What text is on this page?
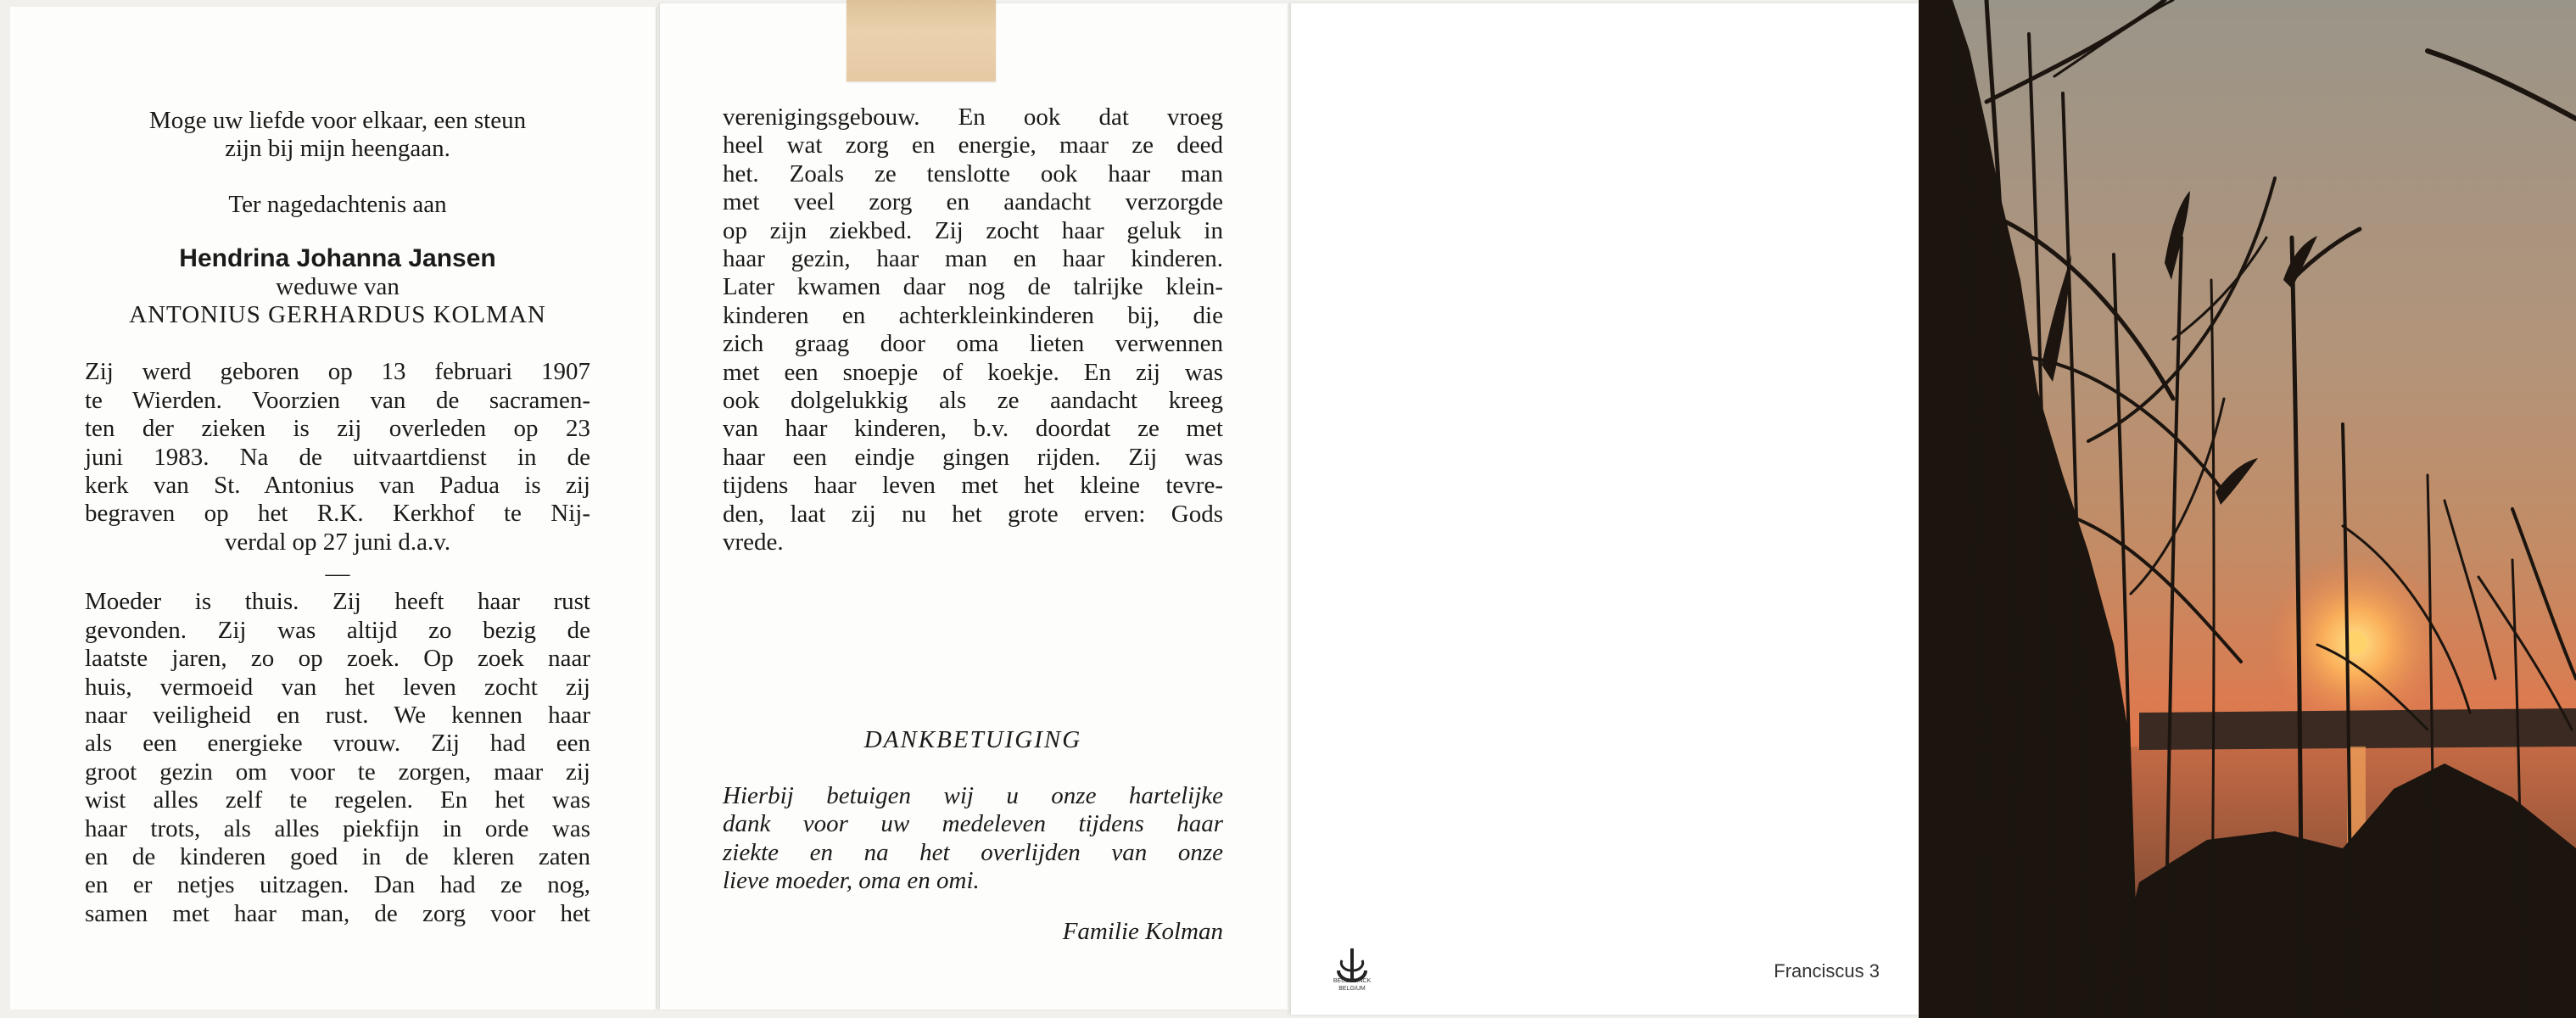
Moge uw liefde voor elkaar, een steun
zijn bij mijn heengaan.
Ter nagedachtenis aan
Hendrina Johanna Jansen
weduwe van
ANTONIUS GERHARDUS KOLMAN

Zij werd geboren op 13 februari 1907

te Wierden. Voorzien van de sacramen-

ten der zieken is zij overleden op 23

juni 1983. Na de uitvaartdienst in de

kerk van St. Antonius van Padua is zij

begraven op het R.K. Kerkhof te Nij-

verdal op 27 juni d.a.v.

—

Moeder is thuis. Zij heeft haar rust

gevonden. Zij was altijd zo bezig de

laatste jaren, zo op zoek. Op zoek naar

huis, vermoeid van het leven zocht zij

naar veiligheid en rust. We kennen haar

als een energieke vrouw. Zij had een

groot gezin om voor te zorgen, maar zij

wist alles zelf te regelen. En het was

haar trots, als alles piekfijn in orde was

en de kinderen goed in de kleren zaten

en er netjes uitzagen. Dan had ze nog,

samen met haar man, de zorg voor het

verenigingsgebouw. En ook dat vroeg

heel wat zorg en energie, maar ze deed

het. Zoals ze tenslotte ook haar man

met veel zorg en aandacht verzorgde

op zijn ziekbed. Zij zocht haar geluk in

haar gezin, haar man en haar kinderen.

Later kwamen daar nog de talrijke klein-

kinderen en achterkleinkinderen bij, die

zich graag door oma lieten verwennen

met een snoepje of koekje. En zij was

ook dolgelukkig als ze aandacht kreeg

van haar kinderen, b.v. doordat ze met

haar een eindje gingen rijden. Zij was

tijdens haar leven met het kleine tevre-

den, laat zij nu het grote erven: Gods

vrede.

DANKBETUIGING

Hierbij betuigen wij u onze hartelijke

dank voor uw medeleven tijdens haar

ziekte en na het overlijden van onze

lieve moeder, oma en omi.

Familie Kolman
BEUSELINCK
BELGIUM
Franciscus 3
